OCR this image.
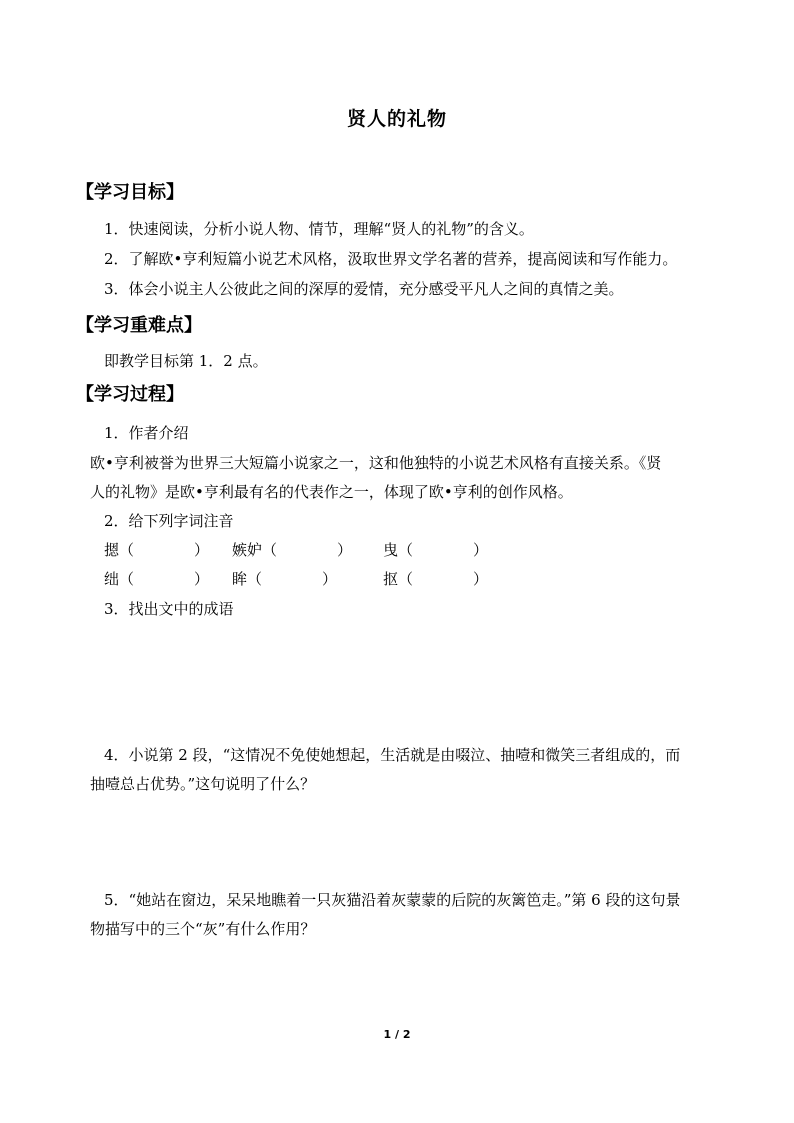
贤人的礼物
【学习目标】
1．快速阅读，分析小说人物、情节，理解“贤人的礼物”的含义。
2．了解欧•亨利短篇小说艺术风格，汲取世界文学名著的营养，提高阅读和写作能力。
3．体会小说主人公彼此之间的深厚的爱情，充分感受平凡人之间的真情之美。
【学习重难点】
即教学目标第 1．2 点。
【学习过程】
1．作者介绍
欧•亨利被誉为世界三大短篇小说家之一，这和他独特的小说艺术风格有直接关系。《贤
人的礼物》是欧•亨利最有名的代表作之一，体现了欧•亨利的创作风格。
2．给下列字词注音
摁（　　　　） 嫉妒（　　　　） 曳（　　　　）
绌（　　　　） 眸（　　　　）	抠（　　　　）
3．找出文中的成语
4．小说第 2 段，“这情况不免使她想起，生活就是由啜泣、抽噎和微笑三者组成的，而
抽噎总占优势。”这句说明了什么？
5．“她站在窗边，呆呆地瞧着一只灰猫沿着灰蒙蒙的后院的灰篱笆走。”第 6 段的这句景
物描写中的三个“灰”有什么作用？
1 / 2
